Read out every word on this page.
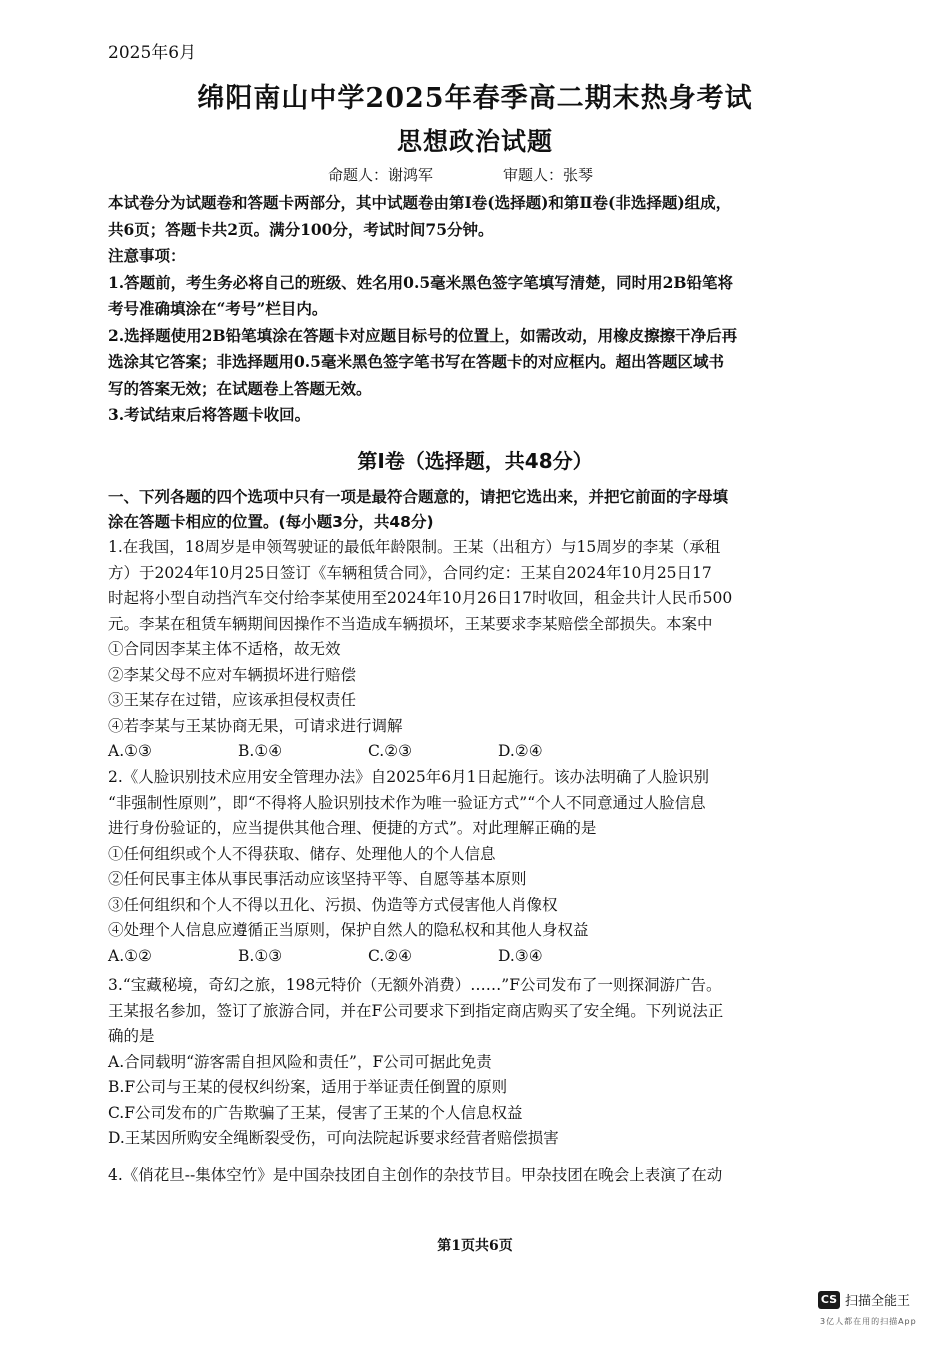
2025年6月
绵阳南山中学2025年春季高二期末热身考试
思想政治试题
命题人：谢鸿军	审题人：张琴
本试卷分为试题卷和答题卡两部分，其中试题卷由第Ⅰ卷(选择题)和第Ⅱ卷(非选择题)组成，
共6页；答题卡共2页。满分100分，考试时间75分钟。
注意事项：
1.答题前，考生务必将自己的班级、姓名用0.5毫米黑色签字笔填写清楚，同时用2B铅笔将
考号准确填涂在“考号”栏目内。
2.选择题使用2B铅笔填涂在答题卡对应题目标号的位置上，如需改动，用橡皮擦擦干净后再
选涂其它答案；非选择题用0.5毫米黑色签字笔书写在答题卡的对应框内。超出答题区域书
写的答案无效；在试题卷上答题无效。
3.考试结束后将答题卡收回。
第Ⅰ卷（选择题，共48分）
一、下列各题的四个选项中只有一项是最符合题意的，请把它选出来，并把它前面的字母填
涂在答题卡相应的位置。(每小题3分，共48分)

1.在我国，18周岁是申领驾驶证的最低年龄限制。王某（出租方）与15周岁的李某（承租

方）于2024年10月25日签订《车辆租赁合同》，合同约定：王某自2024年10月25日17

时起将小型自动挡汽车交付给李某使用至2024年10月26日17时收回，租金共计人民币500

元。李某在租赁车辆期间因操作不当造成车辆损坏，王某要求李某赔偿全部损失。本案中

①合同因李某主体不适格，故无效

②李某父母不应对车辆损坏进行赔偿

③王某存在过错，应该承担侵权责任

④若李某与王某协商无果，可请求进行调解

A.①③	B.①④	C.②③	D.②④

2.《人脸识别技术应用安全管理办法》自2025年6月1日起施行。该办法明确了人脸识别

“非强制性原则”，即“不得将人脸识别技术作为唯一验证方式”“个人不同意通过人脸信息

进行身份验证的，应当提供其他合理、便捷的方式”。对此理解正确的是

①任何组织或个人不得获取、储存、处理他人的个人信息

②任何民事主体从事民事活动应该坚持平等、自愿等基本原则

③任何组织和个人不得以丑化、污损、伪造等方式侵害他人肖像权

④处理个人信息应遵循正当原则，保护自然人的隐私权和其他人身权益

A.①②	B.①③	C.②④	D.③④

3.“宝藏秘境，奇幻之旅，198元特价（无额外消费）……”F公司发布了一则探洞游广告。

王某报名参加，签订了旅游合同，并在F公司要求下到指定商店购买了安全绳。下列说法正

确的是

A.合同载明“游客需自担风险和责任”，F公司可据此免责

B.F公司与王某的侵权纠纷案，适用于举证责任倒置的原则

C.F公司发布的广告欺骗了王某，侵害了王某的个人信息权益

D.王某因所购安全绳断裂受伤，可向法院起诉要求经营者赔偿损害

4.《俏花旦--集体空竹》是中国杂技团自主创作的杂技节目。甲杂技团在晚会上表演了在动

第1页共6页
CS 扫描全能王
3亿人都在用的扫描App
